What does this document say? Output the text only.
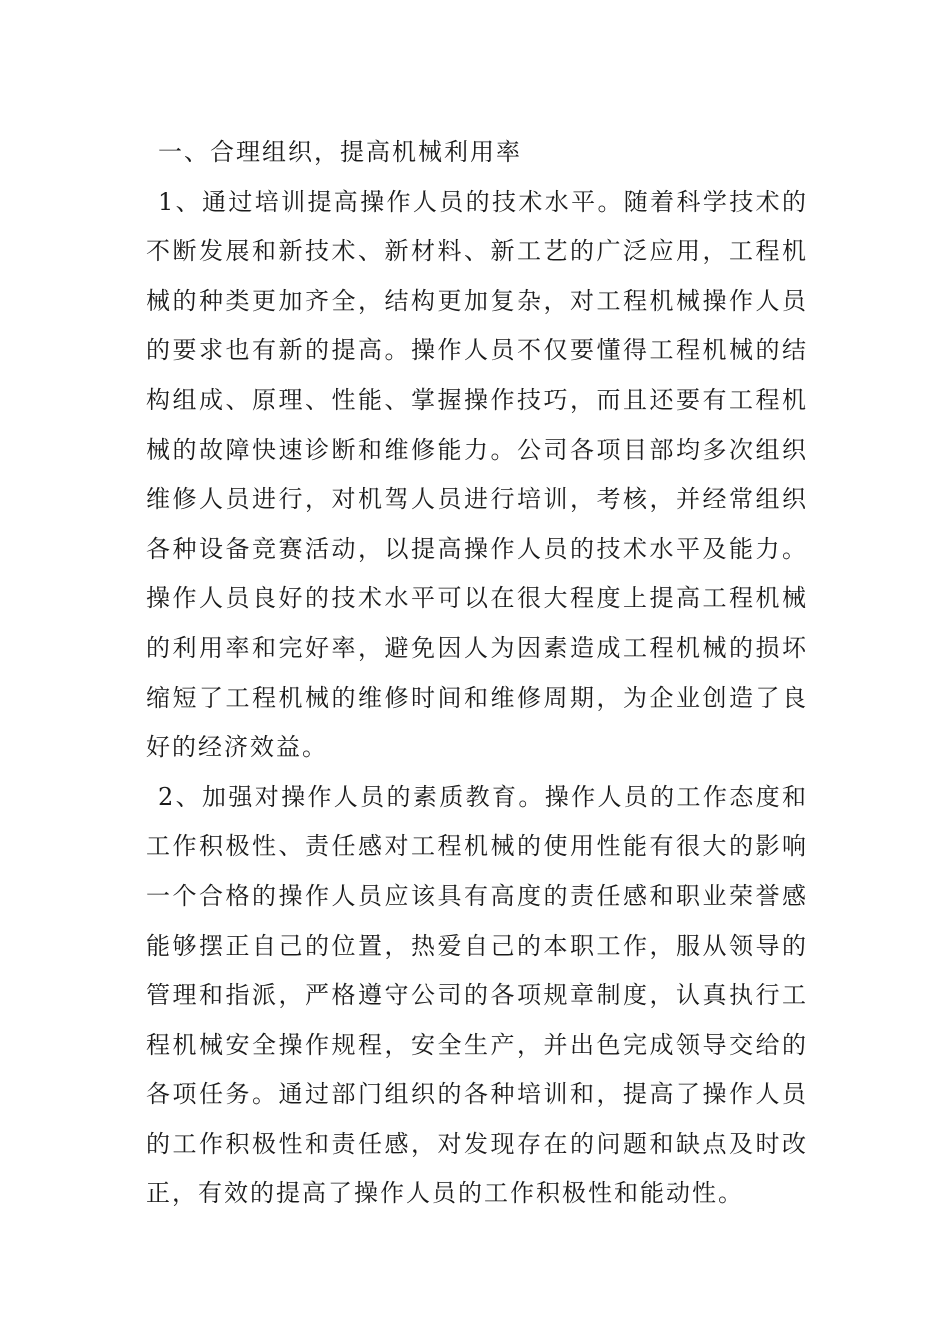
一、合理组织，提高机械利用率

1、通过培训提高操作人员的技术水平。随着科学技术的不断发展和新技术、新材料、新工艺的广泛应用，工程机械的种类更加齐全，结构更加复杂，对工程机械操作人员的要求也有新的提高。操作人员不仅要懂得工程机械的结构组成、原理、性能、掌握操作技巧，而且还要有工程机械的故障快速诊断和维修能力。公司各项目部均多次组织维修人员进行，对机驾人员进行培训，考核，并经常组织各种设备竞赛活动，以提高操作人员的技术水平及能力。操作人员良好的技术水平可以在很大程度上提高工程机械的利用率和完好率，避免因人为因素造成工程机械的损坏缩短了工程机械的维修时间和维修周期，为企业创造了良好的经济效益。

2、加强对操作人员的素质教育。操作人员的工作态度和工作积极性、责任感对工程机械的使用性能有很大的影响一个合格的操作人员应该具有高度的责任感和职业荣誉感能够摆正自己的位置，热爱自己的本职工作，服从领导的管理和指派，严格遵守公司的各项规章制度，认真执行工程机械安全操作规程，安全生产，并出色完成领导交给的各项任务。通过部门组织的各种培训和，提高了操作人员的工作积极性和责任感，对发现存在的问题和缺点及时改正，有效的提高了操作人员的工作积极性和能动性。
